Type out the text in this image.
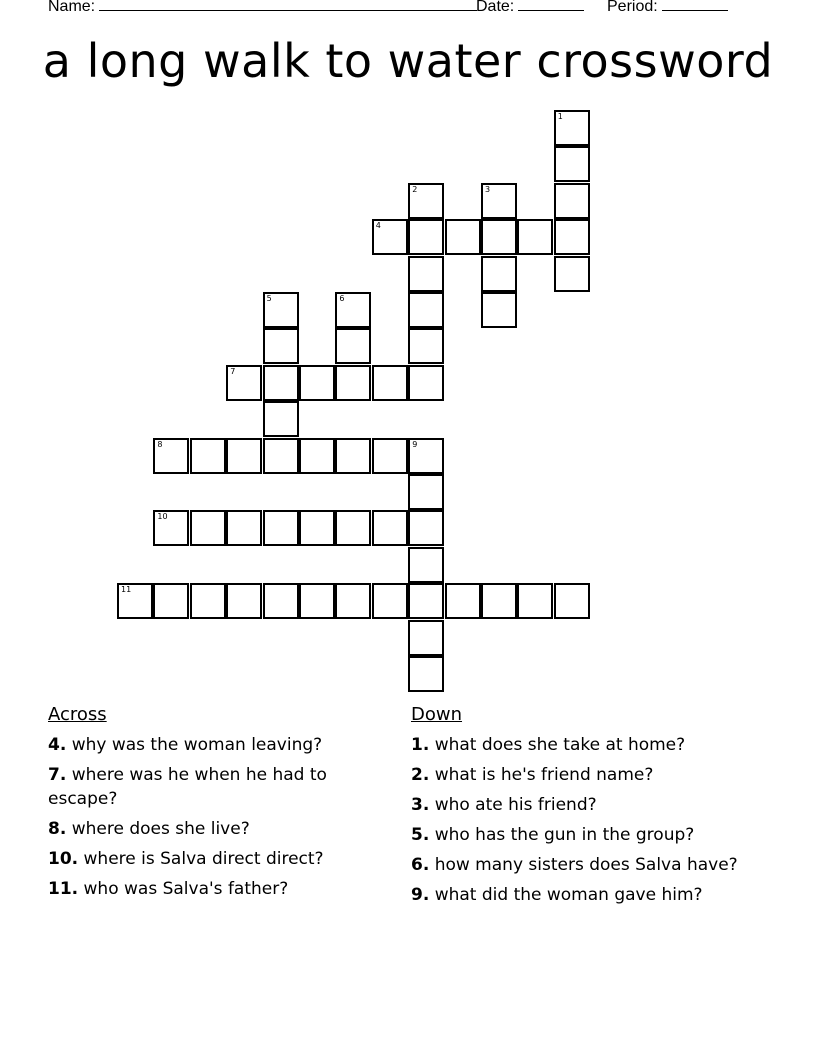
Name:	Date:	Period:
a long walk to water crossword
1
2	3
4
5	6
7
8	9
10
11
Across
4. why was the woman leaving?
7. where was he when he had to escape?
8. where does she live?
10. where is Salva direct direct?
11. who was Salva's father?
Down
1. what does she take at home?
2. what is he's friend name?
3. who ate his friend?
5. who has the gun in the group?
6. how many sisters does Salva have?
9. what did the woman gave him?
